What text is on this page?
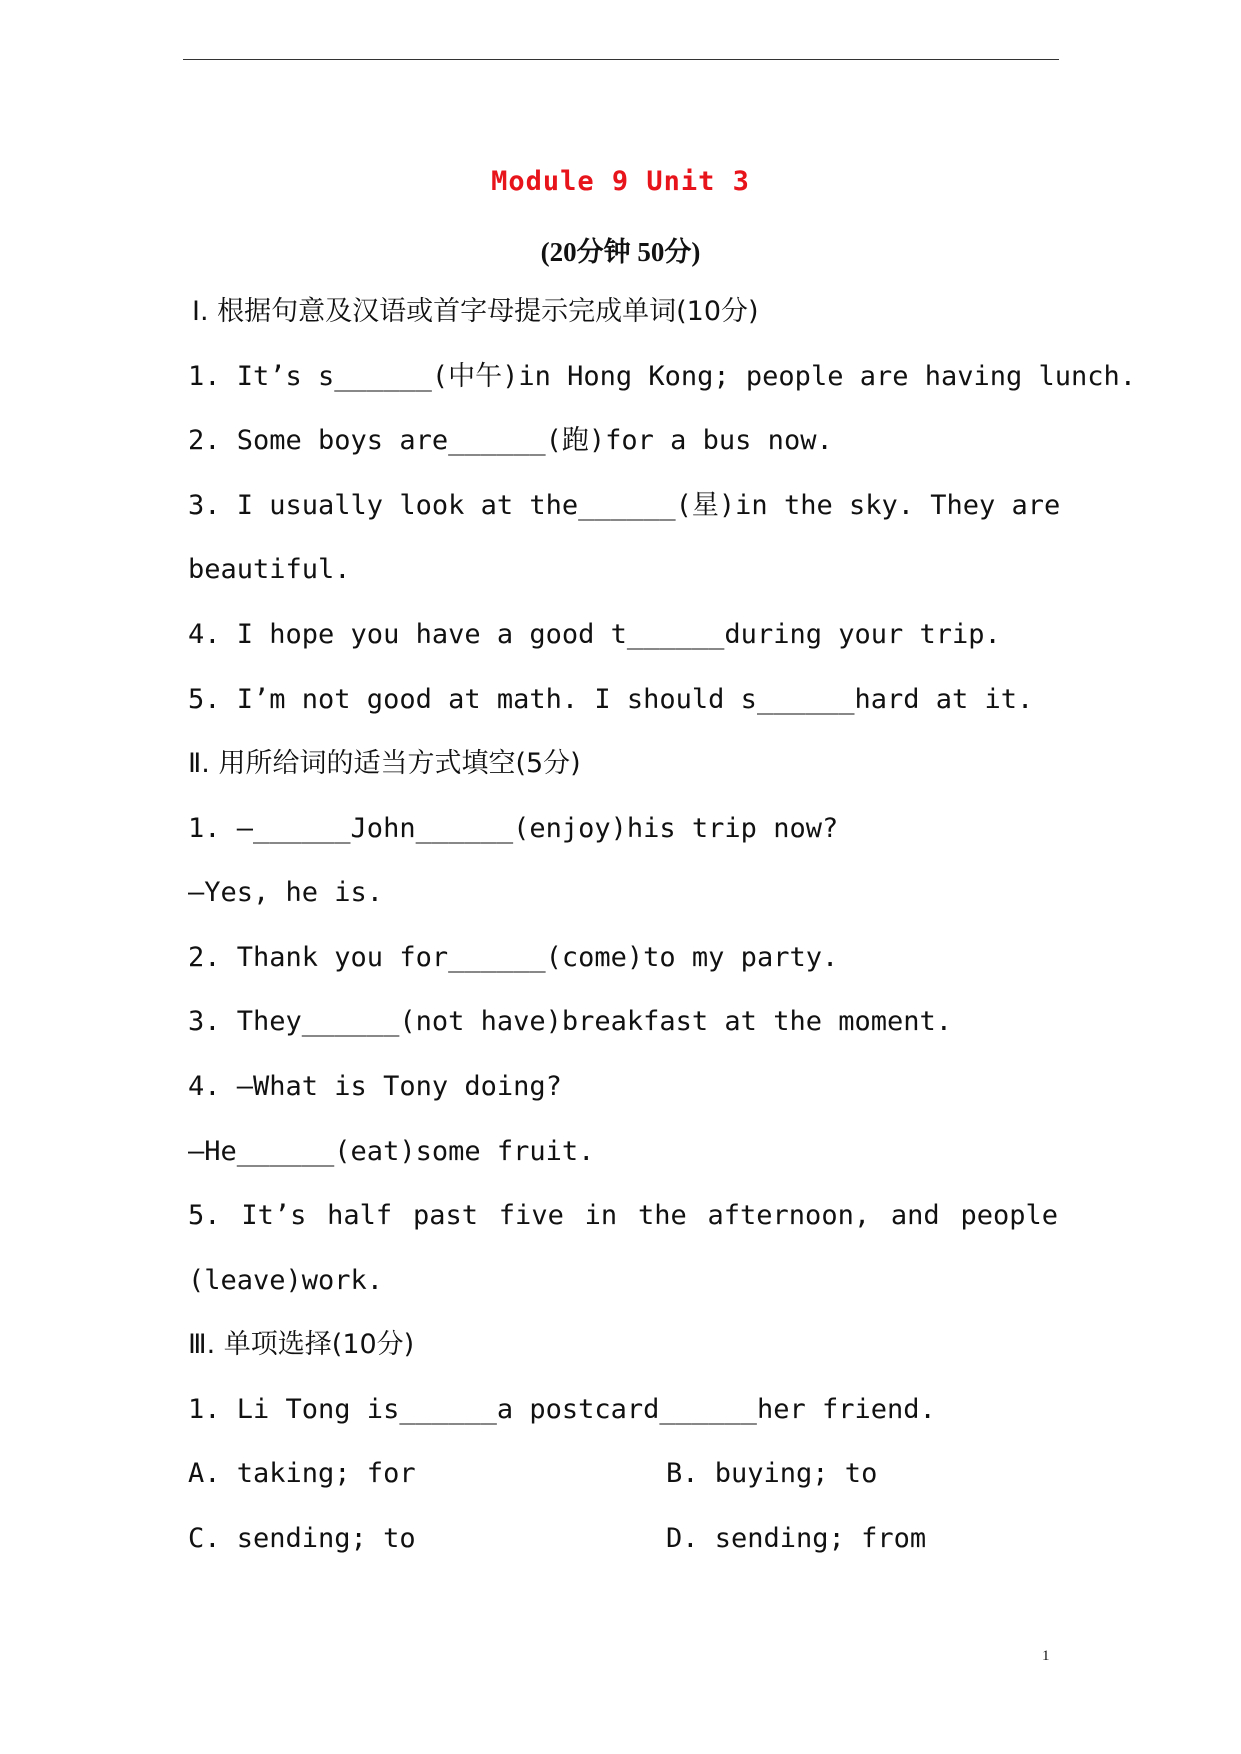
Module 9 Unit 3
(20分钟 50分)
Ⅰ. 根据句意及汉语或首字母提示完成单词(10分)
1. It’s s______(中午)in Hong Kong; people are having lunch.
2. Some boys are______(跑)for a bus now.
3. I usually look at the______(星)in the sky. They are
beautiful.
4. I hope you have a good t______during your trip.
5. I’m not good at math. I should s______hard at it.
Ⅱ. 用所给词的适当方式填空(5分)
1. —______John______(enjoy)his trip now?
—Yes, he is.
2. Thank you for______(come)to my party.
3. They______(not have)breakfast at the moment.
4. —What is Tony doing?
—He______(eat)some fruit.
5. It’s half past five in the afternoon, and people
(leave)work.
Ⅲ. 单项选择(10分)
1. Li Tong is______a postcard______her friend.
A. taking; for	B. buying; to
C. sending; to	D. sending; from
1
